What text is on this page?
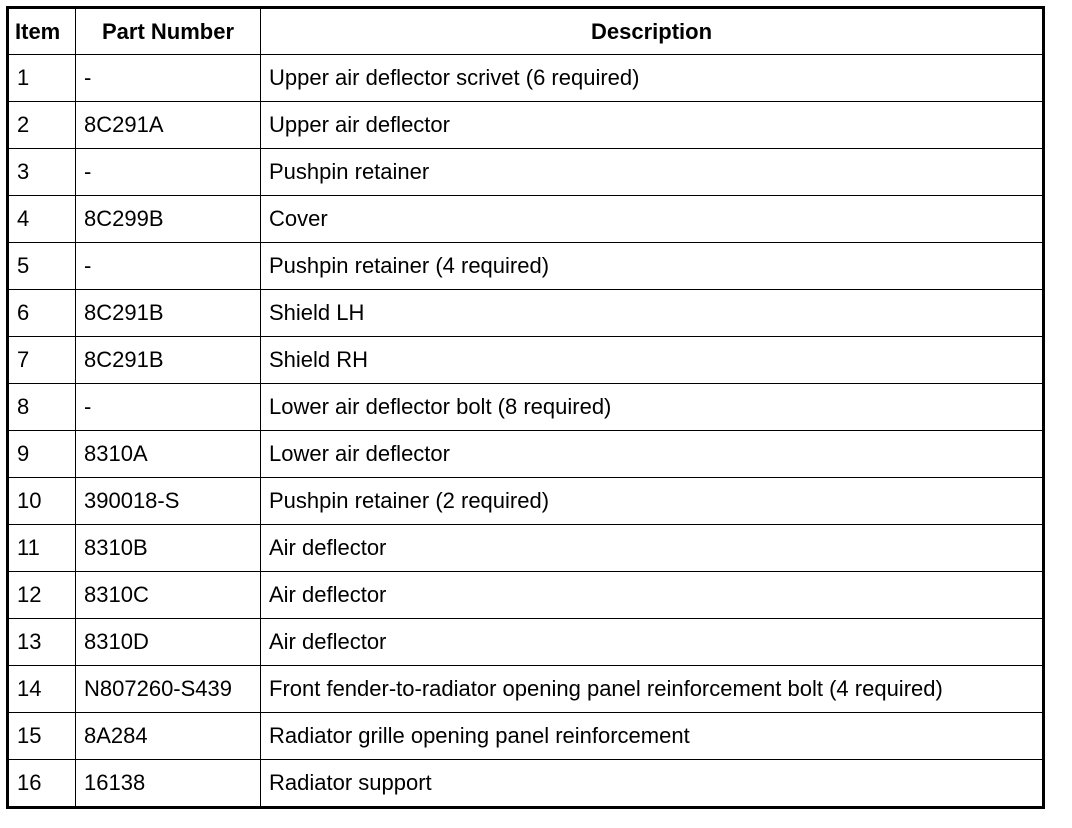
Item	Part Number	Description
1	-	Upper air deflector scrivet (6 required)
2	8C291A	Upper air deflector
3	-	Pushpin retainer
4	8C299B	Cover
5	-	Pushpin retainer (4 required)
6	8C291B	Shield LH
7	8C291B	Shield RH
8	-	Lower air deflector bolt (8 required)
9	8310A	Lower air deflector
10	390018-S	Pushpin retainer (2 required)
11	8310B	Air deflector
12	8310C	Air deflector
13	8310D	Air deflector
14	N807260-S439	Front fender-to-radiator opening panel reinforcement bolt (4 required)
15	8A284	Radiator grille opening panel reinforcement
16	16138	Radiator support
